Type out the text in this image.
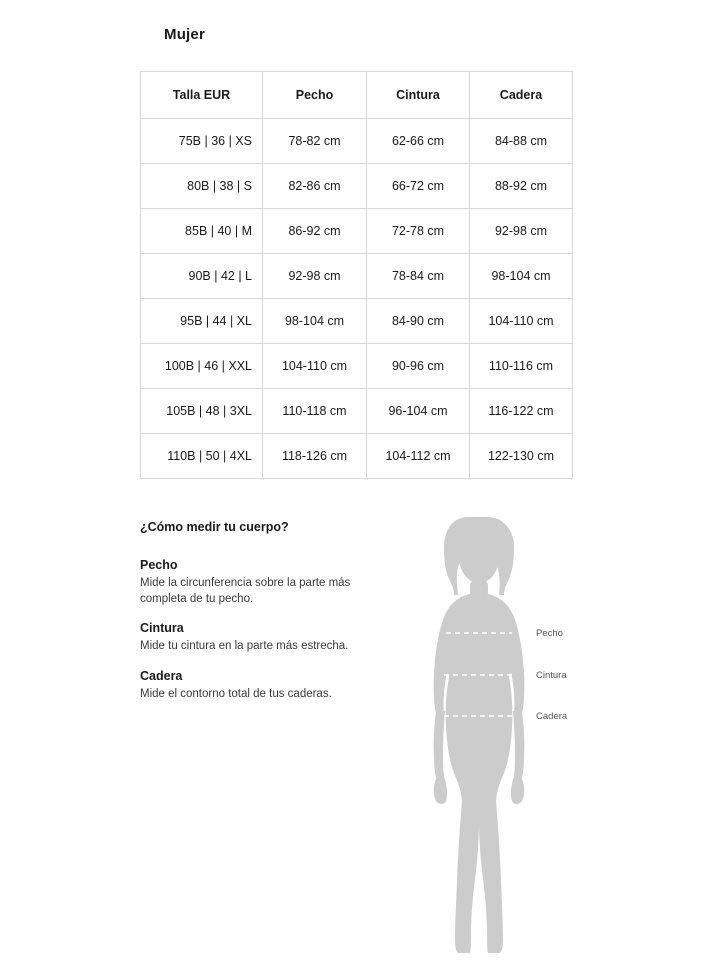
Mujer
Talla EUR	Pecho	Cintura	Cadera
75B | 36 | XS	78-82 cm	62-66 cm	84-88 cm
80B | 38 | S	82-86 cm	66-72 cm	88-92 cm
85B | 40 | M	86-92 cm	72-78 cm	92-98 cm
90B | 42 | L	92-98 cm	78-84 cm	98-104 cm
95B | 44 | XL	98-104 cm	84-90 cm	104-110 cm
100B | 46 | XXL	104-110 cm	90-96 cm	110-116 cm
105B | 48 | 3XL	110-118 cm	96-104 cm	116-122 cm
110B | 50 | 4XL	118-126 cm	104-112 cm	122-130 cm
¿Cómo medir tu cuerpo?
Pecho
Mide la circunferencia sobre la parte más completa de tu pecho.
Cintura
Mide tu cintura en la parte más estrecha.
Cadera
Mide el contorno total de tus caderas.
Pecho
Cintura
Cadera
